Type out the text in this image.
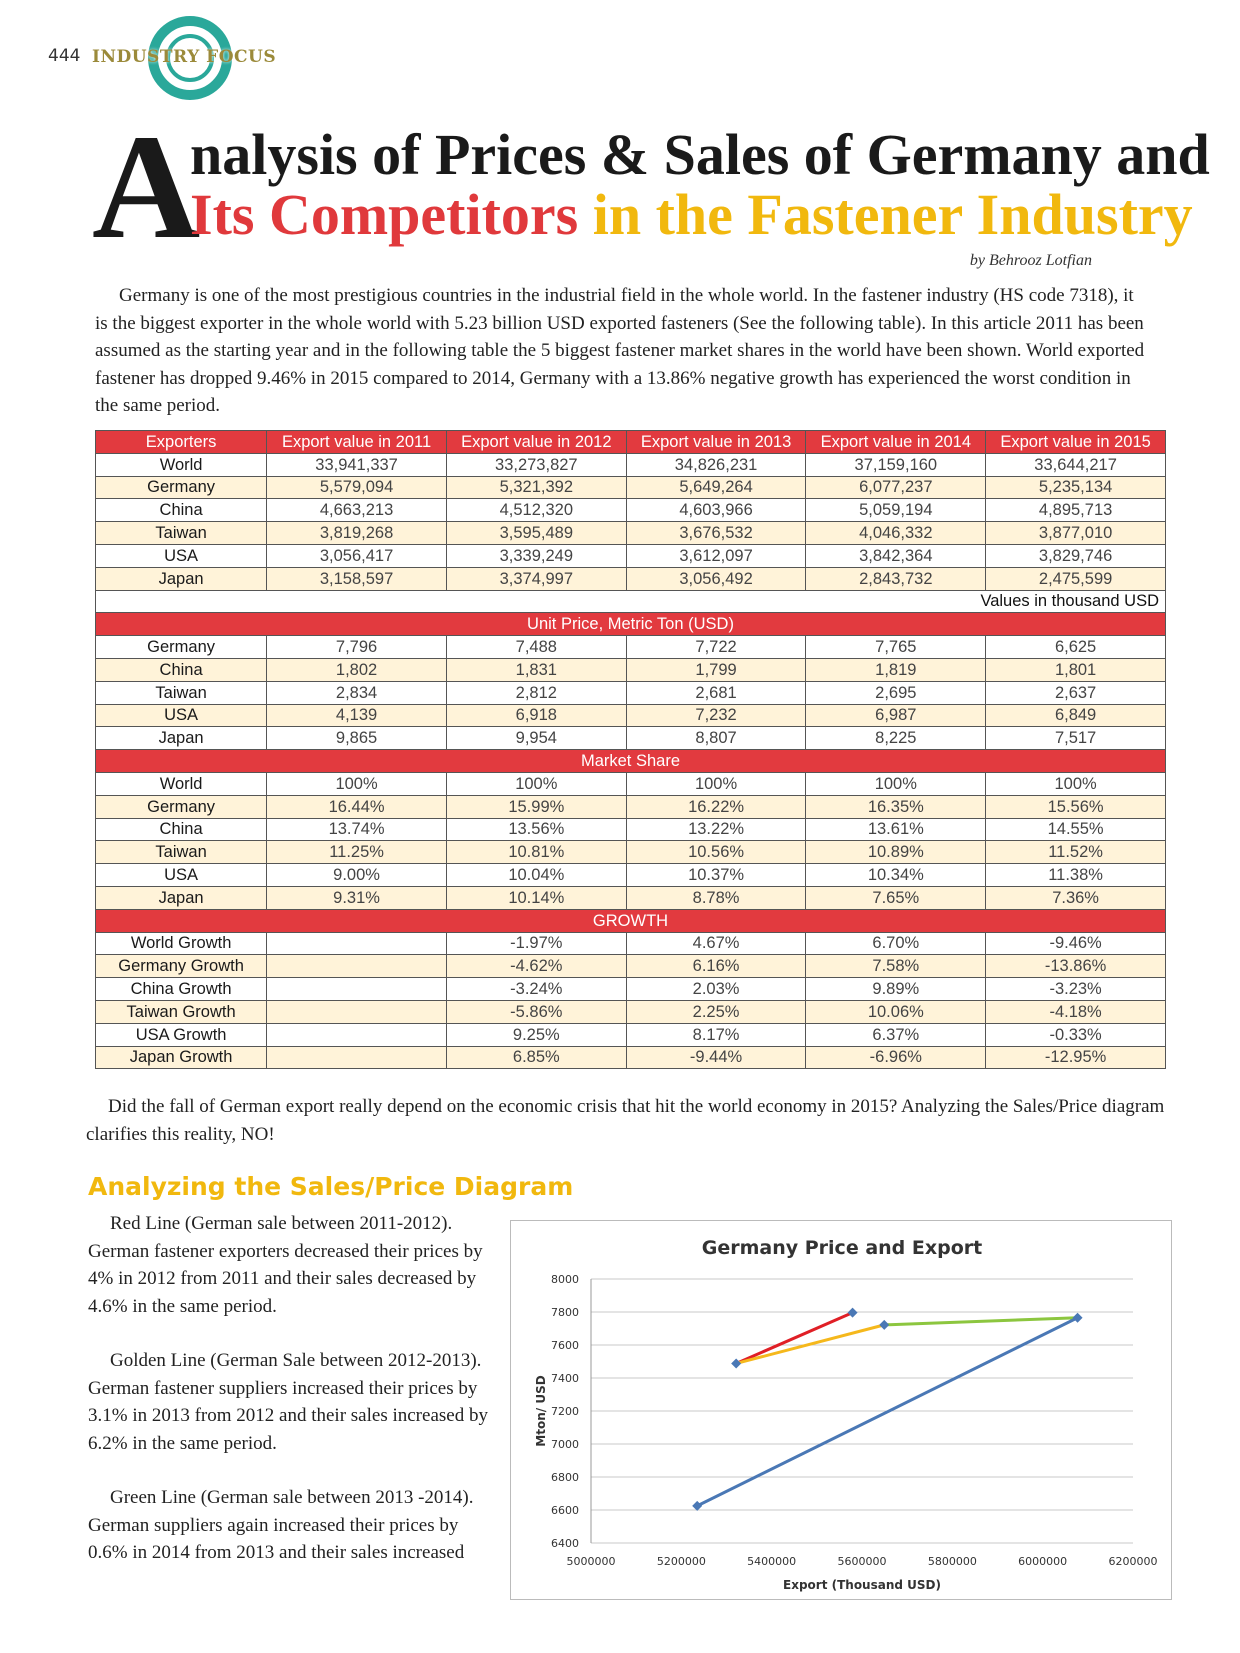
444 INDUSTRY FOCUS
A
nalysis of Prices & Sales of Germany and
Its Competitors in the Fastener Industry
by Behrooz Lotfian

Germany is one of the most prestigious countries in the industrial field in the whole world. In the fastener industry (HS code 7318), it is the biggest exporter in the whole world with 5.23 billion USD exported fasteners (See the following table). In this article 2011 has been assumed as the starting year and in the following table the 5 biggest fastener market shares in the world have been shown. World exported fastener has dropped 9.46% in 2015 compared to 2014, Germany with a 13.86% negative growth has experienced the worst condition in the same period.

Exporters	Export value in 2011	Export value in 2012	Export value in 2013	Export value in 2014	Export value in 2015
World	33,941,337	33,273,827	34,826,231	37,159,160	33,644,217
Germany	5,579,094	5,321,392	5,649,264	6,077,237	5,235,134
China	4,663,213	4,512,320	4,603,966	5,059,194	4,895,713
Taiwan	3,819,268	3,595,489	3,676,532	4,046,332	3,877,010
USA	3,056,417	3,339,249	3,612,097	3,842,364	3,829,746
Japan	3,158,597	3,374,997	3,056,492	2,843,732	2,475,599
Values in thousand USD					
Unit Price, Metric Ton (USD)					
Germany	7,796	7,488	7,722	7,765	6,625
China	1,802	1,831	1,799	1,819	1,801
Taiwan	2,834	2,812	2,681	2,695	2,637
USA	4,139	6,918	7,232	6,987	6,849
Japan	9,865	9,954	8,807	8,225	7,517
Market Share					
World	100%	100%	100%	100%	100%
Germany	16.44%	15.99%	16.22%	16.35%	15.56%
China	13.74%	13.56%	13.22%	13.61%	14.55%
Taiwan	11.25%	10.81%	10.56%	10.89%	11.52%
USA	9.00%	10.04%	10.37%	10.34%	11.38%
Japan	9.31%	10.14%	8.78%	7.65%	7.36%
GROWTH					
World Growth		-1.97%	4.67%	6.70%	-9.46%
Germany Growth		-4.62%	6.16%	7.58%	-13.86%
China Growth		-3.24%	2.03%	9.89%	-3.23%
Taiwan Growth		-5.86%	2.25%	10.06%	-4.18%
USA Growth		9.25%	8.17%	6.37%	-0.33%
Japan Growth		6.85%	-9.44%	-6.96%	-12.95%

Did the fall of German export really depend on the economic crisis that hit the world economy in 2015? Analyzing the Sales/Price diagram clarifies this reality, NO!

Analyzing the Sales/Price Diagram

Red Line (German sale between 2011-2012). German fastener exporters decreased their prices by 4% in 2012 from 2011 and their sales decreased by 4.6% in the same period.

Golden Line (German Sale between 2012-2013). German fastener suppliers increased their prices by 3.1% in 2013 from 2012 and their sales increased by 6.2% in the same period.

Green Line (German sale between 2013 -2014). German suppliers again increased their prices by 0.6% in 2014 from 2013 and their sales increased

Germany Price and Export
8000
7800
7600
7400
7200
7000
6800
6600
6400
5000000	5200000	5400000	5600000	5800000	6000000	6200000
Export (Thousand USD)
Mton/ USD
